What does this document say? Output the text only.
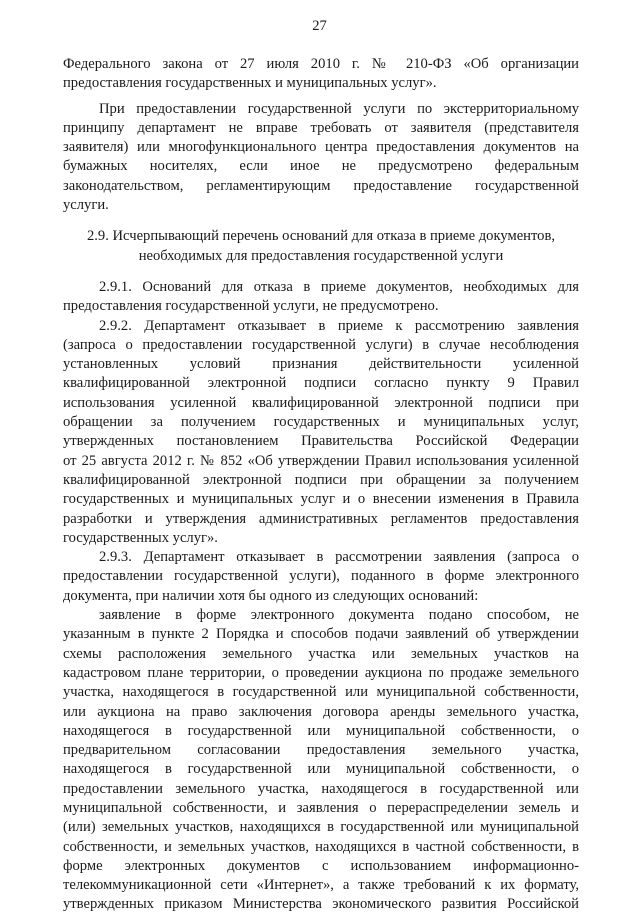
27
Федерального закона от 27 июля 2010 г. № 210-ФЗ «Об организации
предоставления государственных и муниципальных услуг».
При предоставлении государственной услуги по экстерриториальному
принципу департамент не вправе требовать от заявителя (представителя
заявителя) или многофункционального центра предоставления документов на
бумажных носителях, если иное не предусмотрено федеральным
законодательством, регламентирующим предоставление государственной
услуги.
2.9. Исчерпывающий перечень оснований для отказа в приеме документов,
необходимых для предоставления государственной услуги
2.9.1. Оснований для отказа в приеме документов, необходимых для
предоставления государственной услуги, не предусмотрено.
2.9.2. Департамент отказывает в приеме к рассмотрению заявления
(запроса о предоставлении государственной услуги) в случае несоблюдения
установленных условий признания действительности усиленной
квалифицированной электронной подписи согласно пункту 9 Правил
использования усиленной квалифицированной электронной подписи при
обращении за получением государственных и муниципальных услуг,
утвержденных постановлением Правительства Российской Федерации
от 25 августа 2012 г. № 852 «Об утверждении Правил использования усиленной
квалифицированной электронной подписи при обращении за получением
государственных и муниципальных услуг и о внесении изменения в Правила
разработки и утверждения административных регламентов предоставления
государственных услуг».
2.9.3. Департамент отказывает в рассмотрении заявления (запроса о
предоставлении государственной услуги), поданного в форме электронного
документа, при наличии хотя бы одного из следующих оснований:
заявление в форме электронного документа подано способом, не
указанным в пункте 2 Порядка и способов подачи заявлений об утверждении
схемы расположения земельного участка или земельных участков на
кадастровом плане территории, о проведении аукциона по продаже земельного
участка, находящегося в государственной или муниципальной собственности,
или аукциона на право заключения договора аренды земельного участка,
находящегося в государственной или муниципальной собственности, о
предварительном согласовании предоставления земельного участка,
находящегося в государственной или муниципальной собственности, о
предоставлении земельного участка, находящегося в государственной или
муниципальной собственности, и заявления о перераспределении земель и
(или) земельных участков, находящихся в государственной или муниципальной
собственности, и земельных участков, находящихся в частной собственности, в
форме электронных документов с использованием информационно-
телекоммуникационной сети «Интернет», а также требований к их формату,
утвержденных приказом Министерства экономического развития Российской
